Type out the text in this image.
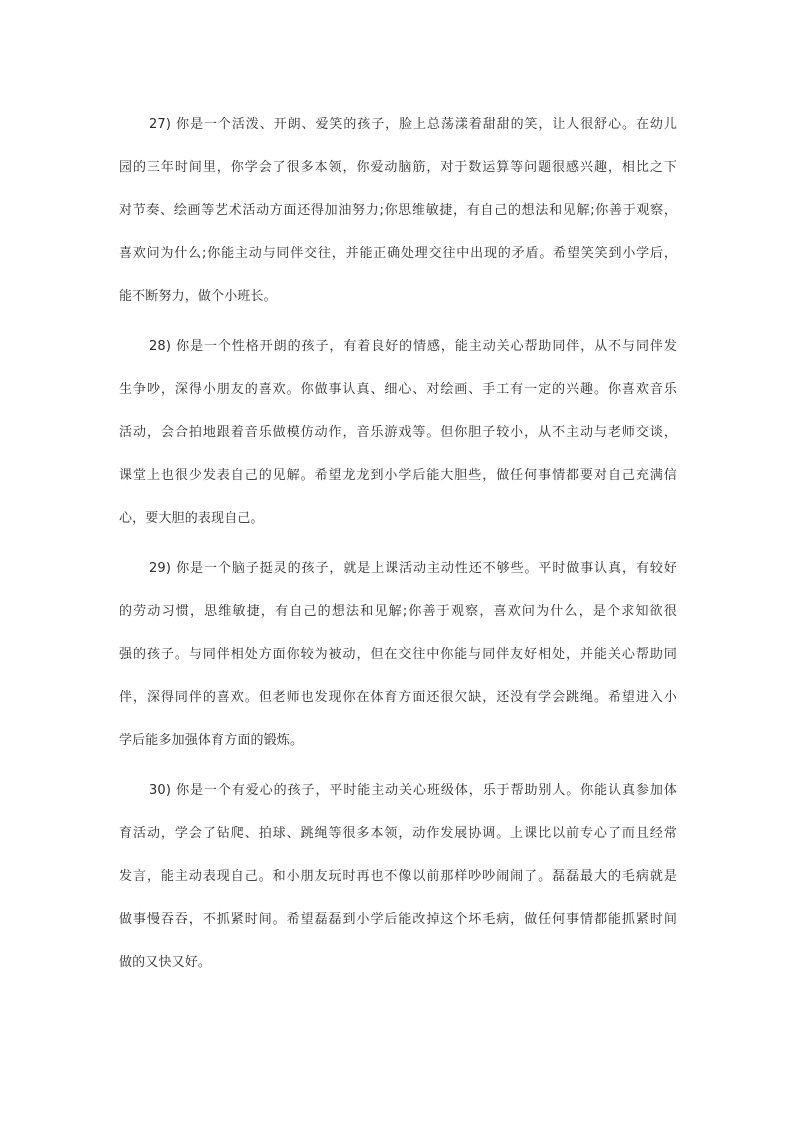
27) 你是一个活泼、开朗、爱笑的孩子，脸上总荡漾着甜甜的笑，让人很舒心。在幼儿
园的三年时间里，你学会了很多本领，你爱动脑筋，对于数运算等问题很感兴趣，相比之下
对节奏、绘画等艺术活动方面还得加油努力;你思维敏捷，有自己的想法和见解;你善于观察，
喜欢问为什么;你能主动与同伴交往，并能正确处理交往中出现的矛盾。希望笑笑到小学后，
能不断努力，做个小班长。
28) 你是一个性格开朗的孩子，有着良好的情感，能主动关心帮助同伴，从不与同伴发
生争吵，深得小朋友的喜欢。你做事认真、细心、对绘画、手工有一定的兴趣。你喜欢音乐
活动，会合拍地跟着音乐做模仿动作，音乐游戏等。但你胆子较小，从不主动与老师交谈，
课堂上也很少发表自己的见解。希望龙龙到小学后能大胆些，做任何事情都要对自己充满信
心，要大胆的表现自己。
29) 你是一个脑子挺灵的孩子，就是上课活动主动性还不够些。平时做事认真，有较好
的劳动习惯，思维敏捷，有自己的想法和见解;你善于观察，喜欢问为什么，是个求知欲很
强的孩子。与同伴相处方面你较为被动，但在交往中你能与同伴友好相处，并能关心帮助同
伴，深得同伴的喜欢。但老师也发现你在体育方面还很欠缺，还没有学会跳绳。希望进入小
学后能多加强体育方面的锻炼。
30) 你是一个有爱心的孩子，平时能主动关心班级体，乐于帮助别人。你能认真参加体
育活动，学会了钻爬、拍球、跳绳等很多本领，动作发展协调。上课比以前专心了而且经常
发言，能主动表现自己。和小朋友玩时再也不像以前那样吵吵闹闹了。磊磊最大的毛病就是
做事慢吞吞，不抓紧时间。希望磊磊到小学后能改掉这个坏毛病，做任何事情都能抓紧时间
做的又快又好。
